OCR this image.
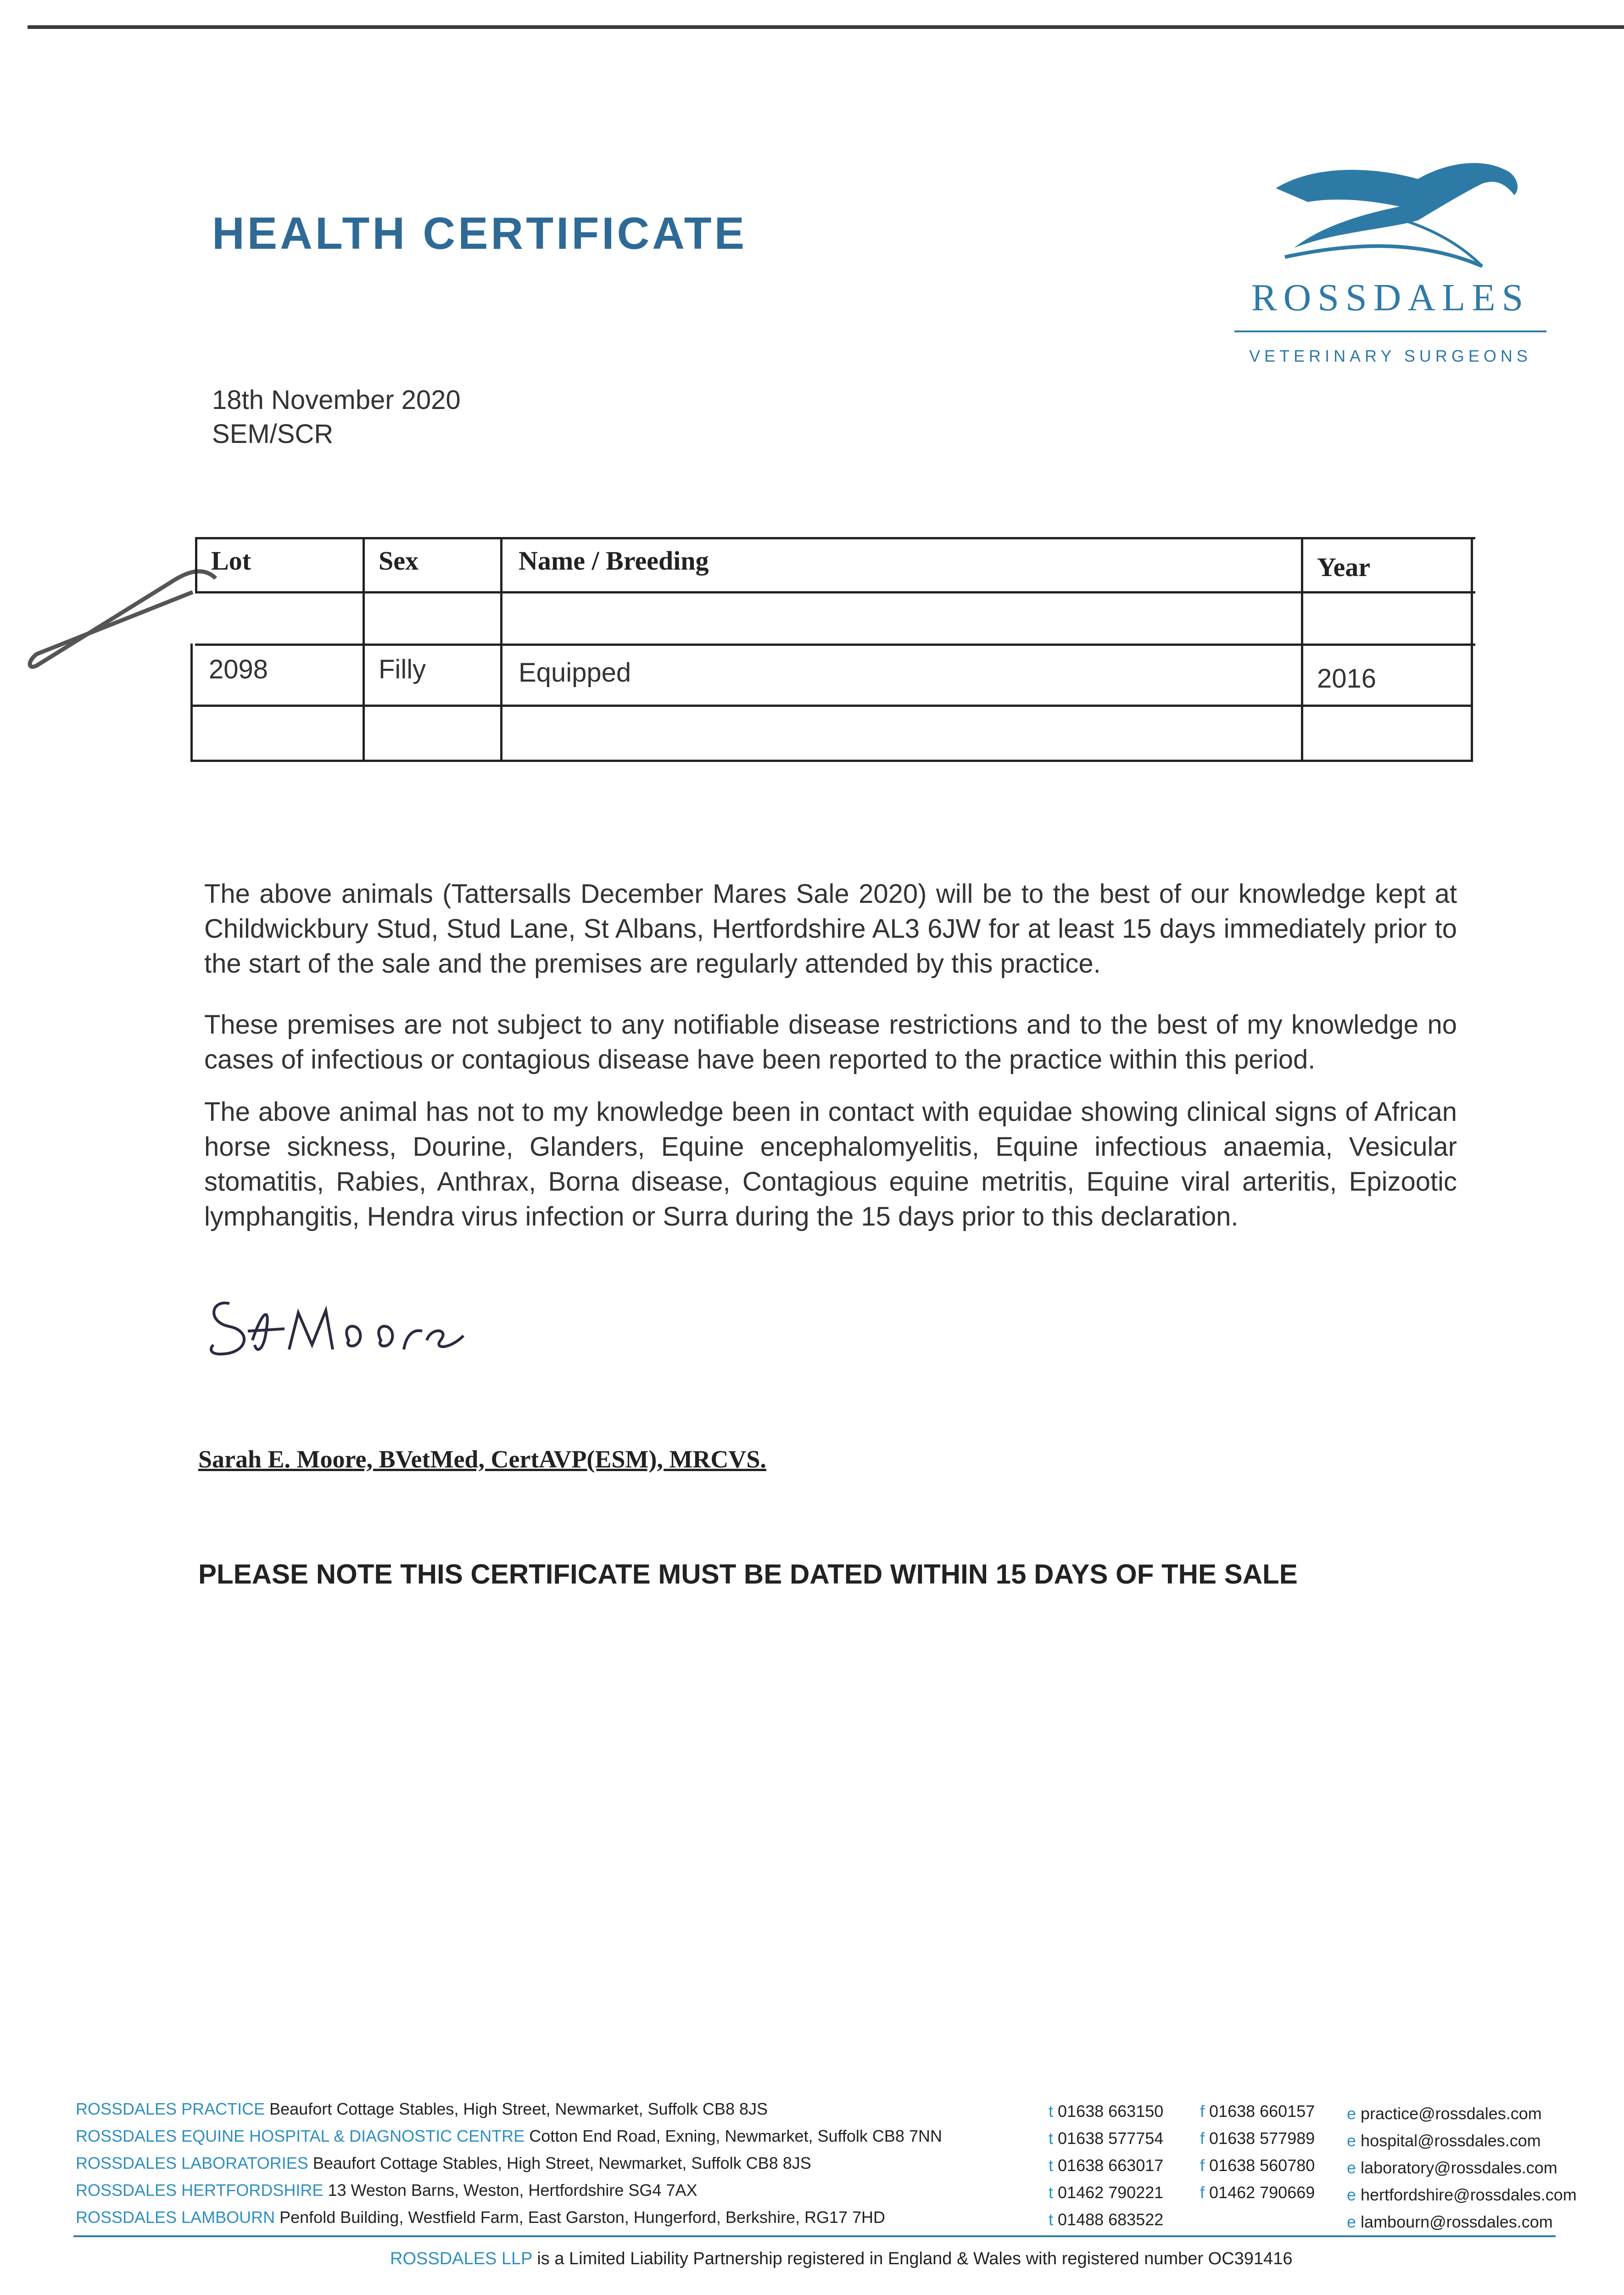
HEALTH CERTIFICATE
ROSSDALES
VETERINARY SURGEONS
18th November 2020
SEM/SCR
Lot	Sex	Name / Breeding	Year
2098	Filly	Equipped	2016
The above animals (Tattersalls December Mares Sale 2020) will be to the best of our knowledge kept at Childwickbury Stud, Stud Lane, St Albans, Hertfordshire AL3 6JW for at least 15 days immediately prior to the start of the sale and the premises are regularly attended by this practice.
These premises are not subject to any notifiable disease restrictions and to the best of my knowledge no cases of infectious or contagious disease have been reported to the practice within this period.
The above animal has not to my knowledge been in contact with equidae showing clinical signs of African horse sickness, Dourine, Glanders, Equine encephalomyelitis, Equine infectious anaemia, Vesicular stomatitis, Rabies, Anthrax, Borna disease, Contagious equine metritis, Equine viral arteritis, Epizootic lymphangitis, Hendra virus infection or Surra during the 15 days prior to this declaration.
Sarah E. Moore, BVetMed, CertAVP(ESM), MRCVS.
PLEASE NOTE THIS CERTIFICATE MUST BE DATED WITHIN 15 DAYS OF THE SALE
ROSSDALES PRACTICE Beaufort Cottage Stables, High Street, Newmarket, Suffolk CB8 8JS
ROSSDALES EQUINE HOSPITAL & DIAGNOSTIC CENTRE Cotton End Road, Exning, Newmarket, Suffolk CB8 7NN
ROSSDALES LABORATORIES Beaufort Cottage Stables, High Street, Newmarket, Suffolk CB8 8JS
ROSSDALES HERTFORDSHIRE 13 Weston Barns, Weston, Hertfordshire SG4 7AX
ROSSDALES LAMBOURN Penfold Building, Westfield Farm, East Garston, Hungerford, Berkshire, RG17 7HD
t 01638 663150
t 01638 577754
t 01638 663017
t 01462 790221
t 01488 683522
f 01638 660157
f 01638 577989
f 01638 560780
f 01462 790669
e practice@rossdales.com
e hospital@rossdales.com
e laboratory@rossdales.com
e hertfordshire@rossdales.com
e lambourn@rossdales.com
ROSSDALES LLP is a Limited Liability Partnership registered in England & Wales with registered number OC391416
